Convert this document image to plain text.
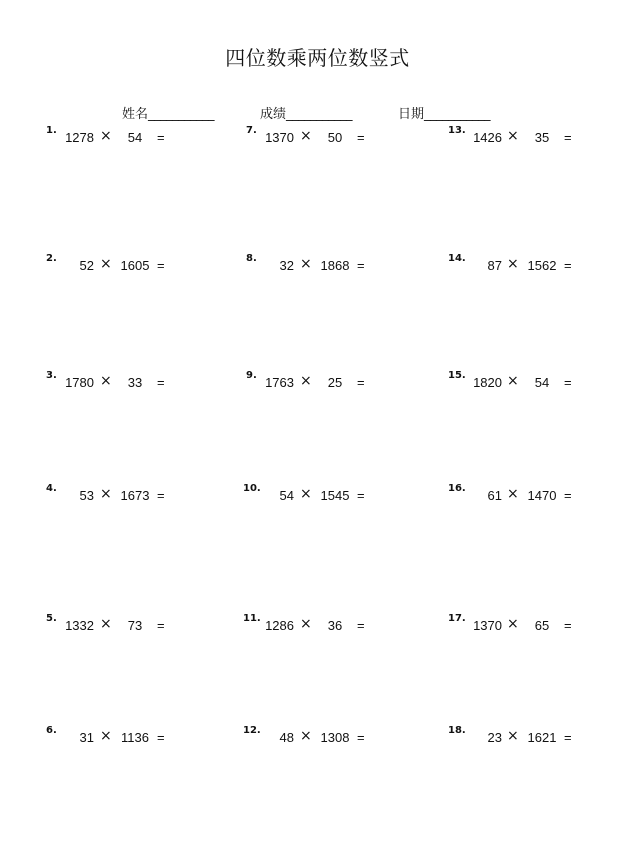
四位数乘两位数竖式
姓名___________	成绩___________	日期___________
1. 1278 ×	54	=
2. 52 × 1605 =
3. 1780 ×	33	=
4. 53 × 1673 =
5. 1332 ×	73	=
6. 31 × 1136 =
7. 1370 ×	50	=
8. 32 × 1868 =
9. 1763 ×	25	=
10. 54 × 1545 =
11. 1286 ×	36	=
12. 48 × 1308 =
13. 1426 ×	35	=
14. 87 × 1562 =
15. 1820 ×	54	=
16. 61 × 1470 =
17. 1370 ×	65	=
18. 23 × 1621 =
